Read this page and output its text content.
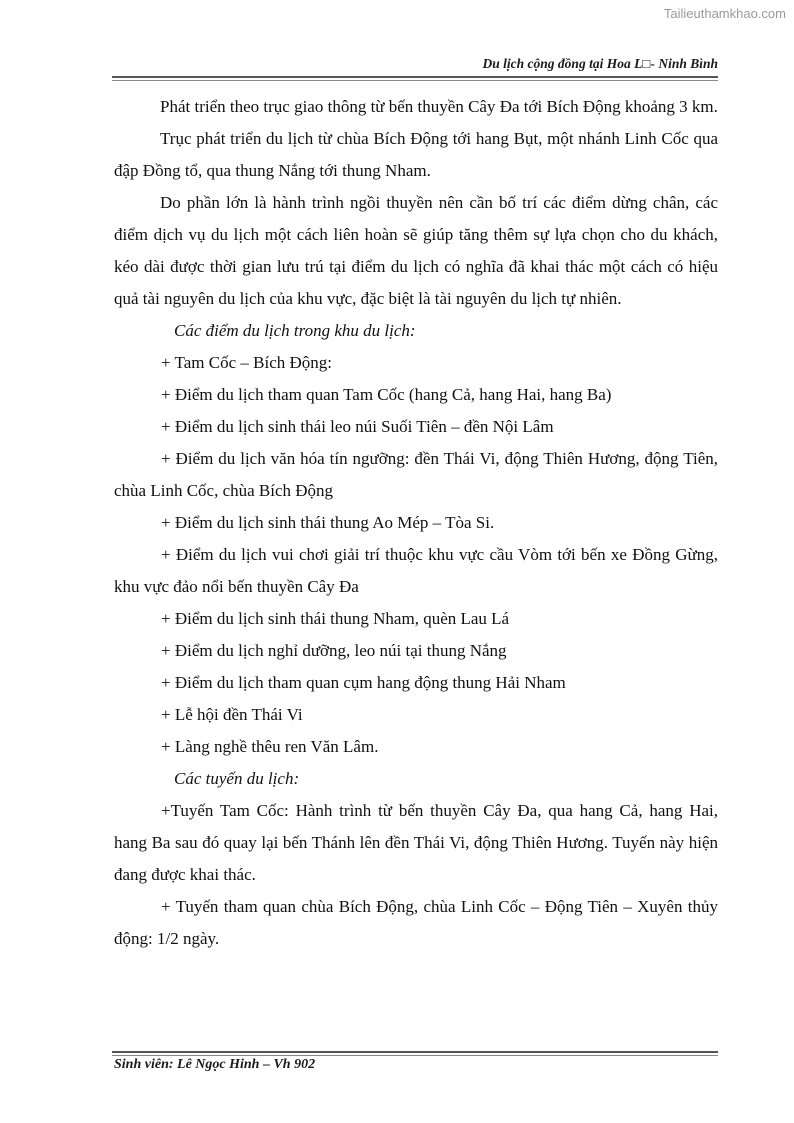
Tailieuthamkhao.com
Du lịch cộng đồng tại Hoa L□- Ninh Bình

Phát triển theo trục giao thông từ bến thuyền Cây Đa tới Bích Động khoảng 3 km.

Trục phát triển du lịch từ chùa Bích Động tới hang Bụt, một nhánh Linh Cốc qua đập Đồng tổ, qua thung Nắng tới thung Nham.

Do phần lớn là hành trình ngồi thuyền nên cần bố trí các điểm dừng chân, các điểm dịch vụ du lịch một cách liên hoàn sẽ giúp tăng thêm sự lựa chọn cho du khách, kéo dài được thời gian lưu trú tại điểm du lịch có nghĩa đã khai thác một cách có hiệu quả tài nguyên du lịch của khu vực, đặc biệt là tài nguyên du lịch tự nhiên.

Các điểm du lịch trong khu du lịch:

+ Tam Cốc – Bích Động:

+ Điểm du lịch tham quan Tam Cốc (hang Cả, hang Hai, hang Ba)

+ Điểm du lịch sinh thái leo núi Suối Tiên – đền Nội Lâm

+ Điểm du lịch văn hóa tín ngưỡng: đền Thái Vi, động Thiên Hương, động Tiên, chùa Linh Cốc, chùa Bích Động

+ Điểm du lịch sinh thái thung Ao Mép – Tòa Si.

+ Điểm du lịch vui chơi giải trí thuộc khu vực cầu Vòm tới bến xe Đồng Gừng, khu vực đảo nổi bến thuyền Cây Đa

+ Điểm du lịch sinh thái thung Nham, quèn Lau Lá

+ Điểm du lịch nghỉ dưỡng, leo núi tại thung Nắng

+ Điểm du lịch tham quan cụm hang động thung Hải Nham

+ Lễ hội đền Thái Vi

+ Làng nghề thêu ren Văn Lâm.

Các tuyến du lịch:

+Tuyến Tam Cốc: Hành trình từ bến thuyền Cây Đa, qua hang Cả, hang Hai, hang Ba sau đó quay lại bến Thánh lên đền Thái Vi, động Thiên Hương. Tuyến này hiện đang được khai thác.

+ Tuyến tham quan chùa Bích Động, chùa Linh Cốc – Động Tiên – Xuyên thủy động: 1/2 ngày.

Sinh viên: Lê Ngọc Hinh – Vh 902
